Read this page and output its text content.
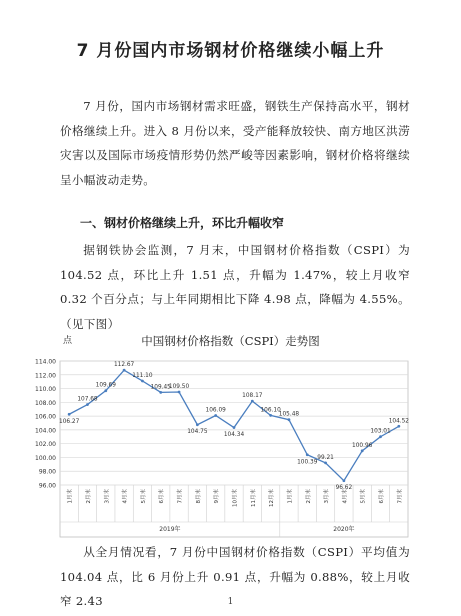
7 月份国内市场钢材价格继续小幅上升

7 月份，国内市场钢材需求旺盛，钢铁生产保持高水平，钢材价格继续上升。进入 8 月份以来，受产能释放较快、南方地区洪涝灾害以及国际市场疫情形势仍然严峻等因素影响，钢材价格将继续呈小幅波动走势。

一、钢材价格继续上升，环比升幅收窄

据钢铁协会监测，7 月末，中国钢材价格指数（CSPI）为 104.52 点，环比上升 1.51 点，升幅为 1.47%，较上月收窄 0.32 个百分点；与上年同期相比下降 4.98 点，降幅为 4.55%。（见下图）

点	中国钢材价格指数（CSPI）走势图
114.00
112.00
110.00
108.00
106.00
104.00
102.00
100.00
98.00
96.00
1月末	2月末	3月末	4月末	5月末	6月末	7月末	8月末	9月末	10月末	11月末	12月末	1月末	2月末	3月末	4月末	5月末	6月末	7月末
2019年	2020年
106.27
107.68
109.69
112.67
111.10
109.45
109.50
104.75
106.09
104.34
108.17
106.10
105.48
100.39
99.21
96.62
100.96
103.01
104.52

从全月情况看，7 月份中国钢材价格指数（CSPI）平均值为 104.04 点，比 6 月份上升 0.91 点，升幅为 0.88%，较上月收窄 2.43	1
